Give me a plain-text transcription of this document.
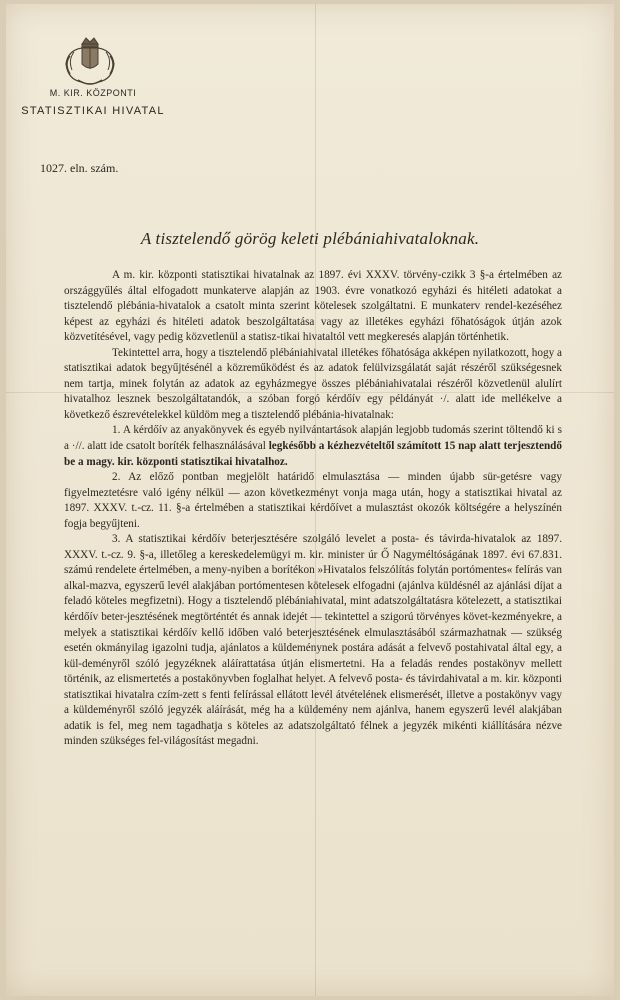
M. KIR. KÖZPONTI
STATISZTIKAI HIVATAL
1027. eln. szám.
A tisztelendő görög keleti plébániahivataloknak.

A m. kir. központi statisztikai hivatalnak az 1897. évi XXXV. törvény-czikk 3 §-a értelmében az országgyűlés által elfogadott munkaterve alapján az 1903. évre vonatkozó egyházi és hitéleti adatokat a tisztelendő plébánia-hivatalok a csatolt minta szerint kötelesek szolgáltatni. E munkaterv rendel-kezéséhez képest az egyházi és hitéleti adatok beszolgáltatása vagy az illetékes egyházi főhatóságok útján azok közvetítésével, vagy pedig közvetlenül a statisz-tikai hivataltól vett megkeresés alapján történhetik.

Tekintettel arra, hogy a tisztelendő plébániahivatal illetékes főhatósága akképen nyilatkozott, hogy a statisztikai adatok begyűjtésénél a közreműködést és az adatok felülvizsgálatát saját részéről szükségesnek nem tartja, minek folytán az adatok az egyházmegye összes plébániahivatalai részéről közvetlenül alulírt hivatalhoz lesznek beszolgáltatandók, a szóban forgó kérdőív egy példányát ·/. alatt ide mellékelve a következő észrevételekkel küldöm meg a tisztelendő plébánia-hivatalnak:

1. A kérdőív az anyakönyvek és egyéb nyilvántartások alapján legjobb tudomás szerint töltendő ki s a ·//. alatt ide csatolt boríték felhasználásával legkésőbb a kézhezvételtől számított 15 nap alatt terjesztendő be a magy. kir. központi statisztikai hivatalhoz.

2. Az előző pontban megjelölt határidő elmulasztása — minden újabb sür-getésre vagy figyelmeztetésre való igény nélkül — azon következményt vonja maga után, hogy a statisztikai hivatal az 1897. XXXV. t.-cz. 11. §-a értelmében a statisztikai kérdőívet a mulasztást okozók költségére a helyszínén fogja begyűjteni.

3. A statisztikai kérdőív beterjesztésére szolgáló levelet a posta- és távirda-hivatalok az 1897. XXXV. t.-cz. 9. §-a, illetőleg a kereskedelemügyi m. kir. minister úr Ő Nagyméltóságának 1897. évi 67.831. számú rendelete értelmében, a meny-nyiben a borítékon »Hivatalos felszólítás folytán portómentes« felírás van alkal-mazva, egyszerű levél alakjában portómentesen kötelesek elfogadni (ajánlva küldésnél az ajánlási díjat a feladó köteles megfizetni). Hogy a tisztelendő plébániahivatal, mint adatszolgáltatásra kötelezett, a statisztikai kérdőív beter-jesztésének megtörténtét és annak idejét — tekintettel a szigorú törvényes követ-kezményekre, a melyek a statisztikai kérdőív kellő időben való beterjesztésének elmulasztásából származhatnak — szükség esetén okmányilag igazolni tudja, ajánlatos a küldeménynek postára adását a felvevő postahivatal által egy, a kül-deményről szóló jegyzéknek aláírattatása útján elismertetni. Ha a feladás rendes postakönyv mellett történik, az elismertetés a postakönyvben foglalhat helyet. A felvevő posta- és távirdahivatal a m. kir. központi statisztikai hivatalra czím-zett s fenti felírással ellátott levél átvételének elismerését, illetve a postakönyv vagy a küldeményről szóló jegyzék aláírását, még ha a küldemény nem ajánlva, hanem egyszerű levél alakjában adatik is fel, meg nem tagadhatja s köteles az adatszolgáltató félnek a jegyzék mikénti kiállítására nézve minden szükséges fel-világosítást megadni.
